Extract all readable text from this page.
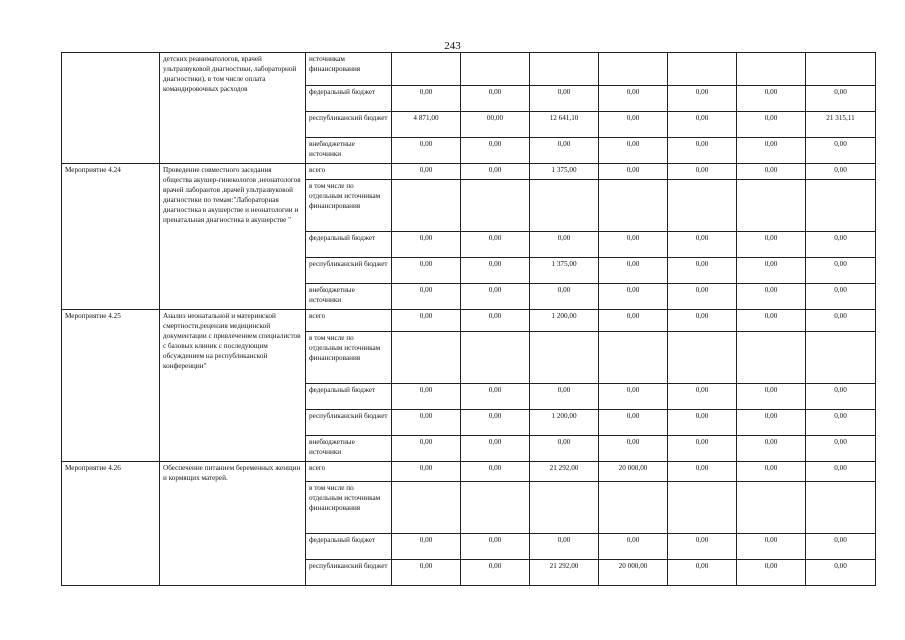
243
	детских реаниматологов, врачей ультразвуковой диагностики, лабораторной диагностики), в том числе оплата командировочных расходов	источникам финансирования							
		федеральный бюджет	0,00	0,00	0,00	0,00	0,00	0,00	0,00
		республиканский бюджет	4 871,00	00,00	12 641,10	0,00	0,00	0,00	21 315,11
		внебюджетные источники	0,00	0,00	0,00	0,00	0,00	0,00	0,00
Мероприятие 4.24	Проведение совместного заседания общества акушер-гинекологов ,неонатологов врачей лаборантов ,врачей ультразвуковой диагностики по темам:"Лабораторная диагностика в акушерстве и неонатологии и пренатальная диагностика в акушерстве "	всего	0,00	0,00	1 375,00	0,00	0,00	0,00	0,00
		в том числе по отдельным источникам финансирования							
		федеральный бюджет	0,00	0,00	0,00	0,00	0,00	0,00	0,00
		республиканский бюджет	0,00	0,00	1 375,00	0,00	0,00	0,00	0,00
		внебюджетные источники	0,00	0,00	0,00	0,00	0,00	0,00	0,00
Мероприятие 4.25	Анализ неонатальной и материнской смертности,рецензия медицинской документации с привлечением специалистов с базовых клиник с последующим обсуждением на республиканской конференции"	всего	0,00	0,00	1 200,00	0,00	0,00	0,00	0,00
		в том числе по отдельным источникам финансирования							
		федеральный бюджет	0,00	0,00	0,00	0,00	0,00	0,00	0,00
		республиканский бюджет	0,00	0,00	1 200,00	0,00	0,00	0,00	0,00
		внебюджетные источники	0,00	0,00	0,00	0,00	0,00	0,00	0,00
Мероприятие 4.26	Обеспечение питанием беременных женщин и кормящих матерей.	всего	0,00	0,00	21 292,00	20 000,00	0,00	0,00	0,00
		в том числе по отдельным источникам финансирования							
		федеральный бюджет	0,00	0,00	0,00	0,00	0,00	0,00	0,00
		республиканский бюджет	0,00	0,00	21 292,00	20 000,00	0,00	0,00	0,00
